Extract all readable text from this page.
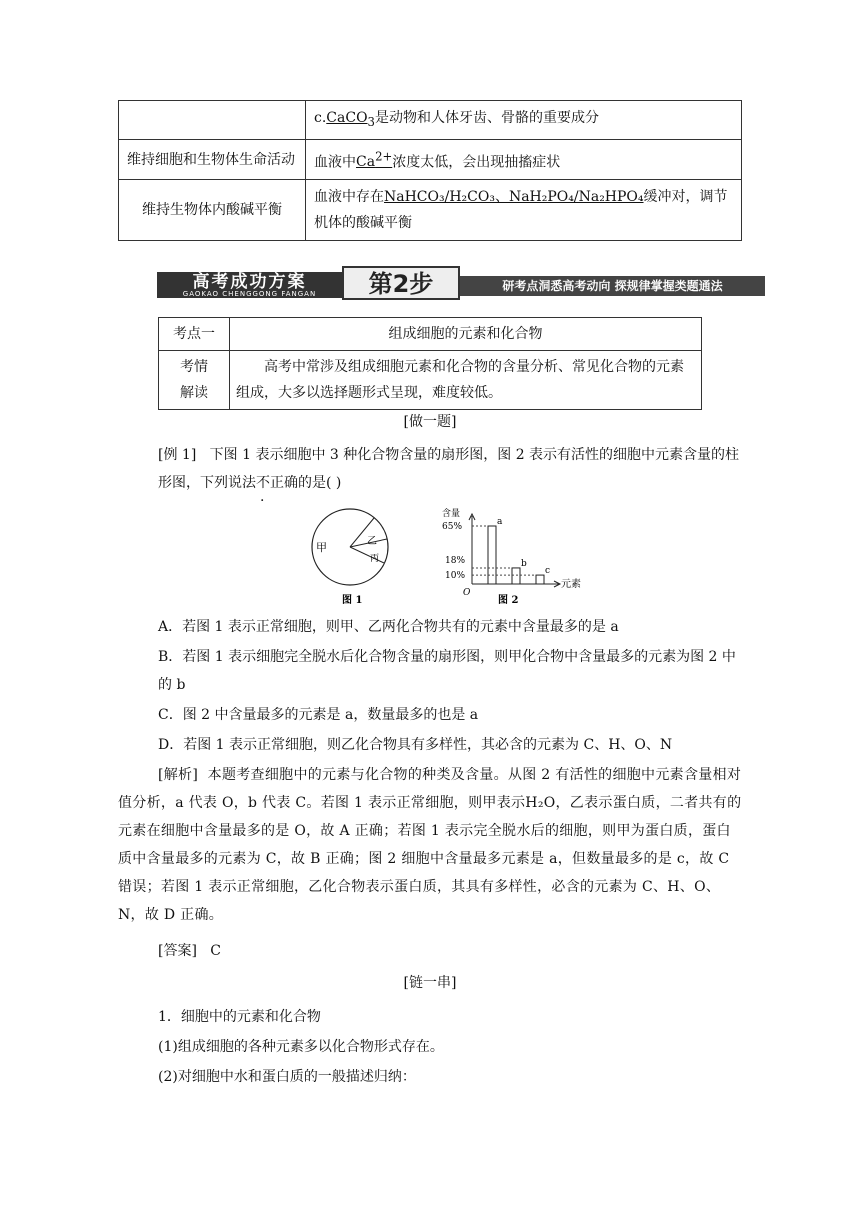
	c.CaCO$_3$是动物和人体牙齿、骨骼的重要成分
维持细胞和生物体生命活动	血液中$Ca^{2+}$浓度太低，会出现抽搐症状
维持生物体内酸碱平衡	血液中存在NaHCO₃/H₂CO₃、NaH₂PO₄/Na₂HPO₄缓冲对，调节机体的酸碱平衡
高考成功方案
GAOKAO CHENGGONG FANGAN	第2步	研考点洞悉高考动向 探规律掌握类题通法
考点一	组成细胞的元素和化合物
考情
解读	高考中常涉及组成细胞元素和化合物的含量分析、常见化合物的元素组成，大多以选择题形式呈现，难度较低。
[做一题]
[例 1] 下图 1 表示细胞中 3 种化合物含量的扇形图，图 2 表示有活性的细胞中元素含量的柱形图，下列说法不正确的是( )
甲	乙
丙
图 1
含量
元素
O
65%
18%
10%
a
b
c
图 2
A．若图 1 表示正常细胞，则甲、乙两化合物共有的元素中含量最多的是 a
B．若图 1 表示细胞完全脱水后化合物含量的扇形图，则甲化合物中含量最多的元素为图 2 中的 b
C．图 2 中含量最多的元素是 a，数量最多的也是 a
D．若图 1 表示正常细胞，则乙化合物具有多样性，其必含的元素为 C、H、O、N
[解析] 本题考查细胞中的元素与化合物的种类及含量。从图 2 有活性的细胞中元素含量相对值分析，a 代表 O，b 代表 C。若图 1 表示正常细胞，则甲表示H₂O，乙表示蛋白质，二者共有的元素在细胞中含量最多的是 O，故 A 正确；若图 1 表示完全脱水后的细胞，则甲为蛋白质，蛋白质中含量最多的元素为 C，故 B 正确；图 2 细胞中含量最多元素是 a，但数量最多的是 c，故 C 错误；若图 1 表示正常细胞，乙化合物表示蛋白质，其具有多样性，必含的元素为 C、H、O、N，故 D 正确。
[答案] C
[链一串]
1．细胞中的元素和化合物
(1)组成细胞的各种元素多以化合物形式存在。
(2)对细胞中水和蛋白质的一般描述归纳：
